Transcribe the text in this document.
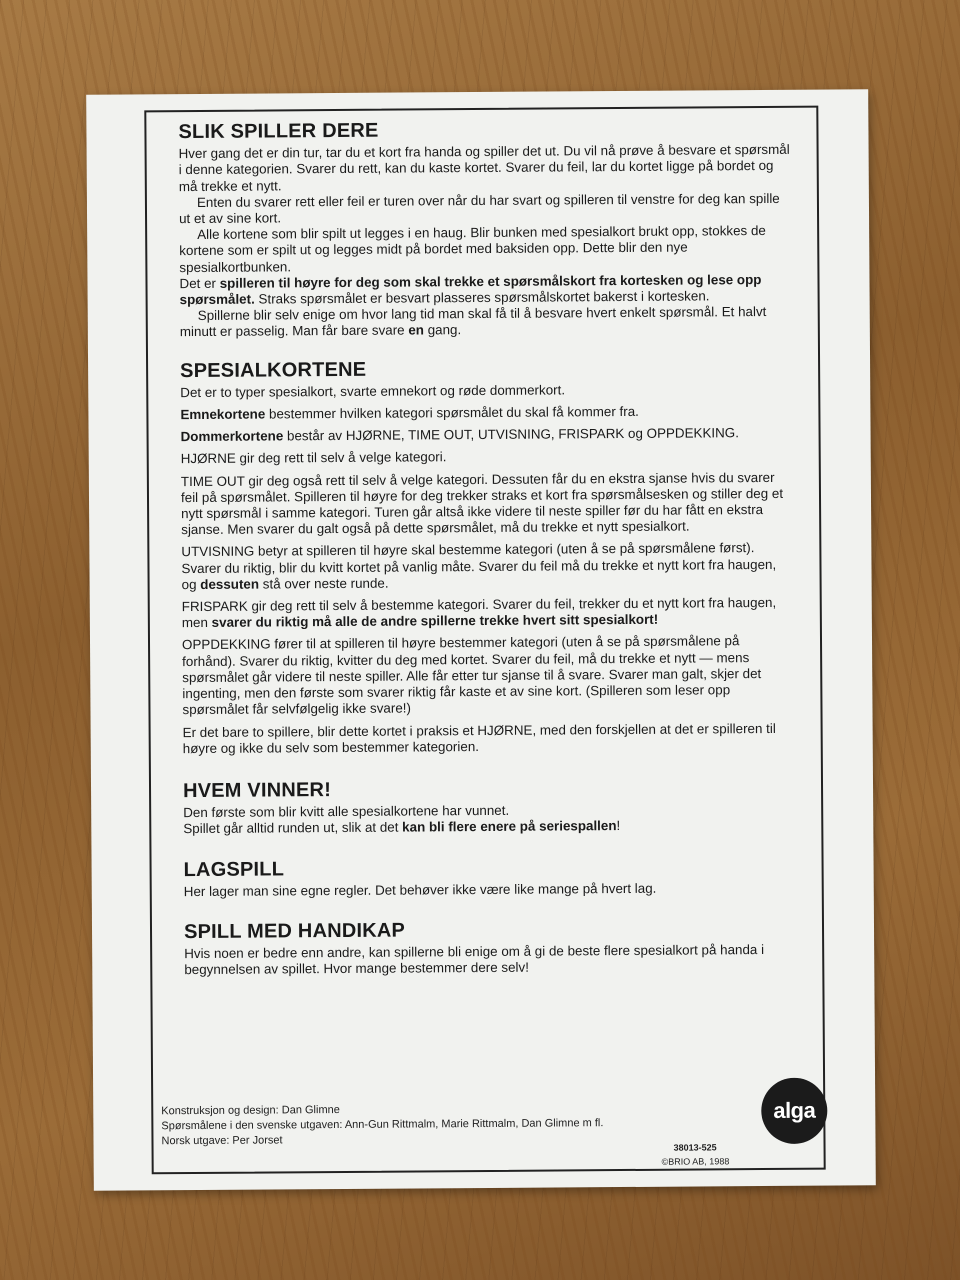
SLIK SPILLER DERE

Hver gang det er din tur, tar du et kort fra handa og spiller det ut. Du vil nå prøve å besvare et spørsmål i denne kategorien. Svarer du rett, kan du kaste kortet. Svarer du feil, lar du kortet ligge på bordet og må trekke et nytt.

Enten du svarer rett eller feil er turen over når du har svart og spilleren til venstre for deg kan spille ut et av sine kort.

Alle kortene som blir spilt ut legges i en haug. Blir bunken med spesialkort brukt opp, stokkes de kortene som er spilt ut og legges midt på bordet med baksiden opp. Dette blir den nye spesialkortbunken.

Det er spilleren til høyre for deg som skal trekke et spørsmålskort fra kortesken og lese opp spørsmålet. Straks spørsmålet er besvart plasseres spørsmålskortet bakerst i kortesken.

Spillerne blir selv enige om hvor lang tid man skal få til å besvare hvert enkelt spørsmål. Et halvt minutt er passelig. Man får bare svare en gang.

SPESIALKORTENE

Det er to typer spesialkort, svarte emnekort og røde dommerkort.

Emnekortene bestemmer hvilken kategori spørsmålet du skal få kommer fra.

Dommerkortene består av HJØRNE, TIME OUT, UTVISNING, FRISPARK og OPPDEKKING.

HJØRNE gir deg rett til selv å velge kategori.

TIME OUT gir deg også rett til selv å velge kategori. Dessuten får du en ekstra sjanse hvis du svarer feil på spørsmålet. Spilleren til høyre for deg trekker straks et kort fra spørsmålsesken og stiller deg et nytt spørsmål i samme kategori. Turen går altså ikke videre til neste spiller før du har fått en ekstra sjanse. Men svarer du galt også på dette spørsmålet, må du trekke et nytt spesialkort.

UTVISNING betyr at spilleren til høyre skal bestemme kategori (uten å se på spørsmålene først). Svarer du riktig, blir du kvitt kortet på vanlig måte. Svarer du feil må du trekke et nytt kort fra haugen, og dessuten stå over neste runde.

FRISPARK gir deg rett til selv å bestemme kategori. Svarer du feil, trekker du et nytt kort fra haugen, men svarer du riktig må alle de andre spillerne trekke hvert sitt spesialkort!

OPPDEKKING fører til at spilleren til høyre bestemmer kategori (uten å se på spørsmålene på forhånd). Svarer du riktig, kvitter du deg med kortet. Svarer du feil, må du trekke et nytt — mens spørsmålet går videre til neste spiller. Alle får etter tur sjanse til å svare. Svarer man galt, skjer det ingenting, men den første som svarer riktig får kaste et av sine kort. (Spilleren som leser opp spørsmålet får selvfølgelig ikke svare!)

Er det bare to spillere, blir dette kortet i praksis et HJØRNE, med den forskjellen at det er spilleren til høyre og ikke du selv som bestemmer kategorien.

HVEM VINNER!

Den første som blir kvitt alle spesialkortene har vunnet.

Spillet går alltid runden ut, slik at det kan bli flere enere på seriespallen!

LAGSPILL

Her lager man sine egne regler. Det behøver ikke være like mange på hvert lag.

SPILL MED HANDIKAP

Hvis noen er bedre enn andre, kan spillerne bli enige om å gi de beste flere spesialkort på handa i begynnelsen av spillet. Hvor mange bestemmer dere selv!

Konstruksjon og design: Dan Glimne
Spørsmålene i den svenske utgaven: Ann-Gun Rittmalm, Marie Rittmalm, Dan Glimne m fl.
Norsk utgave: Per Jorset
alga
38013-525
©BRIO AB, 1988
